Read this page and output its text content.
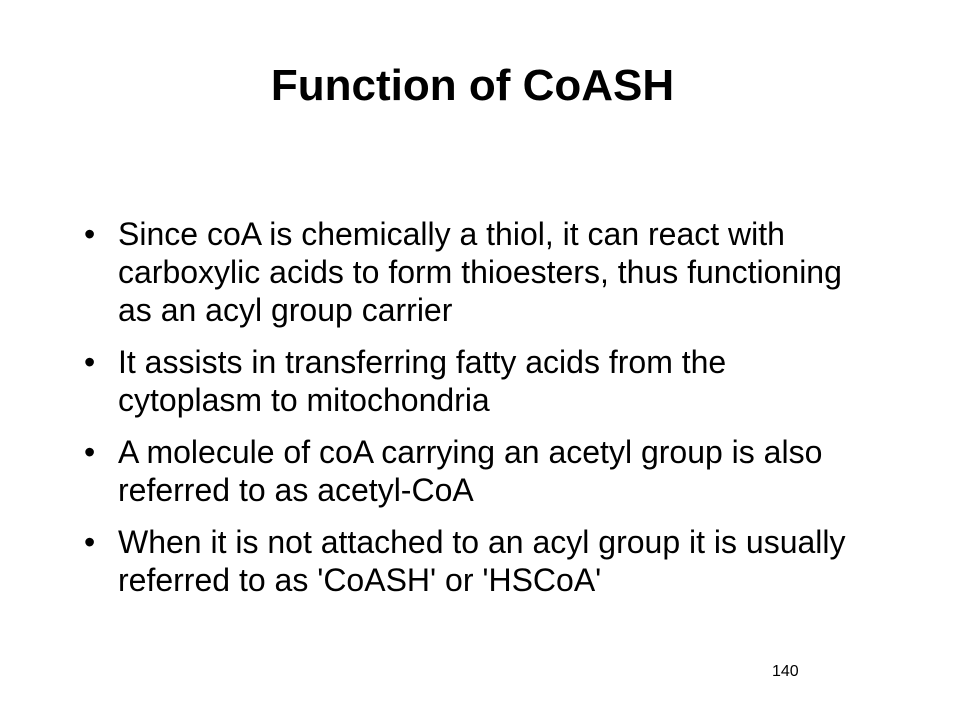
Function of CoASH
• Since coA is chemically a thiol, it can react with carboxylic acids to form thioesters, thus functioning as an acyl group carrier
• It assists in transferring fatty acids from the cytoplasm to mitochondria
• A molecule of coA carrying an acetyl group is also referred to as acetyl-CoA
• When it is not attached to an acyl group it is usually referred to as 'CoASH' or 'HSCoA'
140
